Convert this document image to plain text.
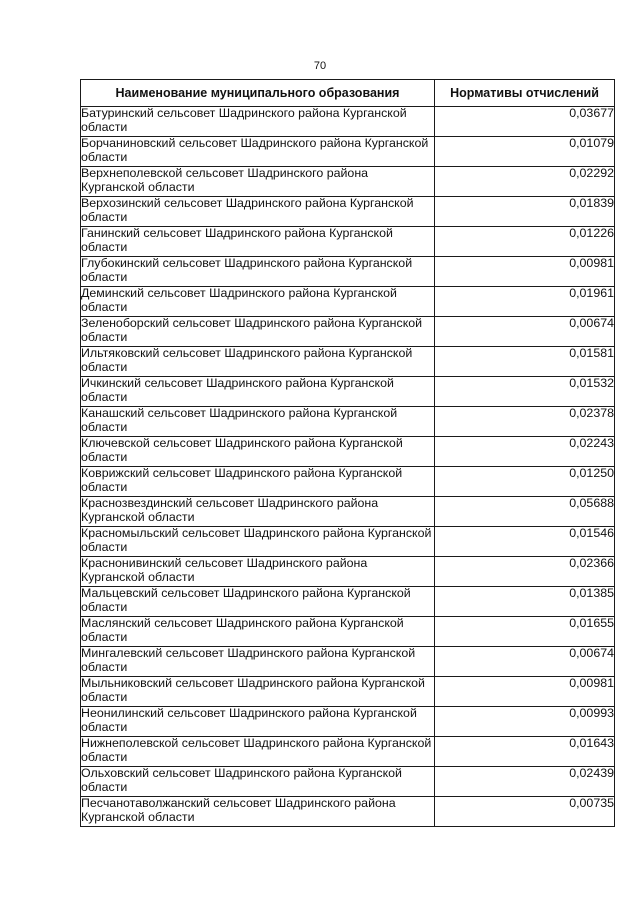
70
Наименование муниципального образования	Нормативы отчислений
Батуринский сельсовет Шадринского района Курганской области	0,03677
Борчаниновский сельсовет Шадринского района Курганской области	0,01079
Верхнеполевской сельсовет Шадринского района Курганской области	0,02292
Верхозинский сельсовет Шадринского района Курганской области	0,01839
Ганинский сельсовет Шадринского района Курганской области	0,01226
Глубокинский сельсовет Шадринского района Курганской области	0,00981
Деминский сельсовет Шадринского района Курганской области	0,01961
Зеленоборский сельсовет Шадринского района Курганской области	0,00674
Ильтяковский сельсовет Шадринского района Курганской области	0,01581
Ичкинский сельсовет Шадринского района Курганской области	0,01532
Канашский сельсовет Шадринского района Курганской области	0,02378
Ключевской сельсовет Шадринского района Курганской области	0,02243
Коврижский сельсовет Шадринского района Курганской области	0,01250
Краснозвездинский сельсовет Шадринского района Курганской области	0,05688
Красномыльский сельсовет Шадринского района Курганской области	0,01546
Краснонивинский сельсовет Шадринского района Курганской области	0,02366
Мальцевский сельсовет Шадринского района Курганской области	0,01385
Маслянский сельсовет Шадринского района Курганской области	0,01655
Мингалевский сельсовет Шадринского района Курганской области	0,00674
Мыльниковский сельсовет Шадринского района Курганской области	0,00981
Неонилинский сельсовет Шадринского района Курганской области	0,00993
Нижнеполевской сельсовет Шадринского района Курганской области	0,01643
Ольховский сельсовет Шадринского района Курганской области	0,02439
Песчанотаволжанский сельсовет Шадринского района Курганской области	0,00735
